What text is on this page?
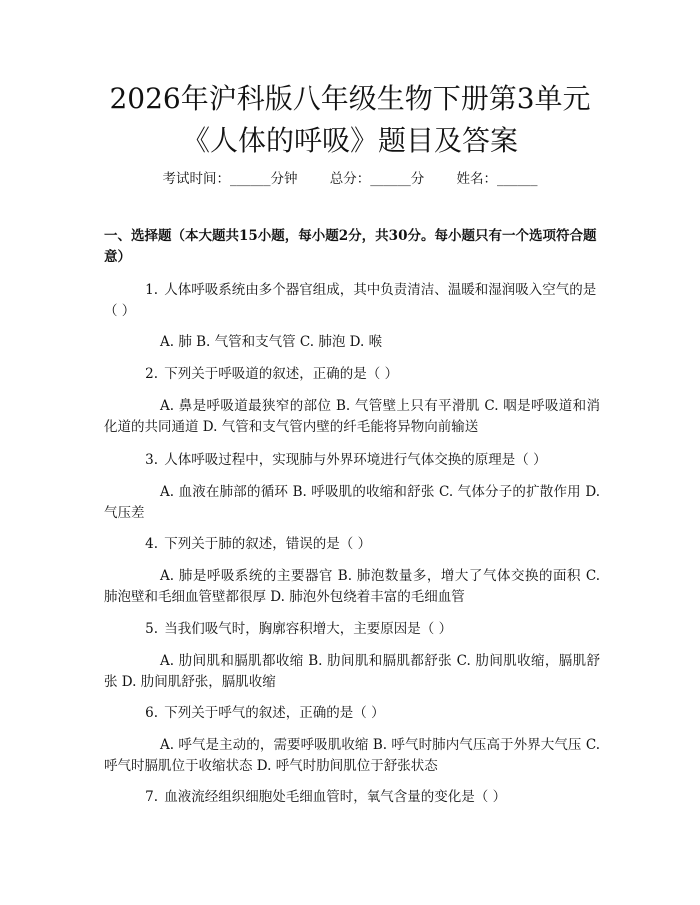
2026年沪科版八年级生物下册第3单元《人体的呼吸》题目及答案
考试时间：______分钟 总分：______分 姓名：______
一、选择题（本大题共15小题，每小题2分，共30分。每小题只有一个选项符合题意）
1. 人体呼吸系统由多个器官组成，其中负责清洁、温暖和湿润吸入空气的是（ ）
A. 肺 B. 气管和支气管 C. 肺泡 D. 喉
2. 下列关于呼吸道的叙述，正确的是（ ）
A. 鼻是呼吸道最狭窄的部位 B. 气管壁上只有平滑肌 C. 咽是呼吸道和消化道的共同通道 D. 气管和支气管内壁的纤毛能将异物向前输送
3. 人体呼吸过程中，实现肺与外界环境进行气体交换的原理是（ ）
A. 血液在肺部的循环 B. 呼吸肌的收缩和舒张 C. 气体分子的扩散作用 D. 气压差
4. 下列关于肺的叙述，错误的是（ ）
A. 肺是呼吸系统的主要器官 B. 肺泡数量多，增大了气体交换的面积 C. 肺泡壁和毛细血管壁都很厚 D. 肺泡外包绕着丰富的毛细血管
5. 当我们吸气时，胸廓容积增大，主要原因是（ ）
A. 肋间肌和膈肌都收缩 B. 肋间肌和膈肌都舒张 C. 肋间肌收缩，膈肌舒张 D. 肋间肌舒张，膈肌收缩
6. 下列关于呼气的叙述，正确的是（ ）
A. 呼气是主动的，需要呼吸肌收缩 B. 呼气时肺内气压高于外界大气压 C. 呼气时膈肌位于收缩状态 D. 呼气时肋间肌位于舒张状态
7. 血液流经组织细胞处毛细血管时，氧气含量的变化是（ ）
